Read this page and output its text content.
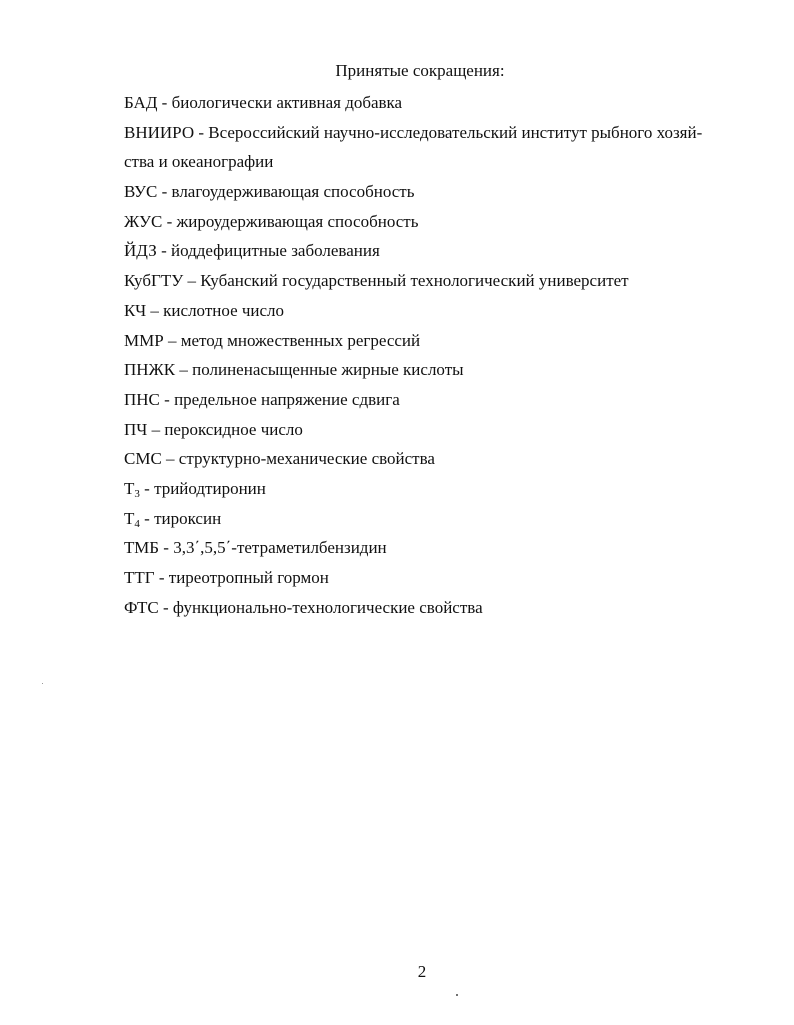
Принятые сокращения:
БАД - биологически активная добавка
ВНИИРО - Всероссийский научно-исследовательский институт рыбного хозяй-
ства и океанографии
ВУС - влагоудерживающая способность
ЖУС - жироудерживающая способность
ЙДЗ - йоддефицитные заболевания
КубГТУ – Кубанский государственный технологический университет
КЧ – кислотное число
ММР – метод множественных регрессий
ПНЖК – полиненасыщенные жирные кислоты
ПНС - предельное напряжение сдвига
ПЧ – пероксидное число
СМС – структурно-механические свойства
$Т_3$ - трийодтиронин
$Т_4$ - тироксин
ТМБ - 3,3΄,5,5΄-тетраметилбензидин
ТТГ - тиреотропный гормон
ФТС - функционально-технологические свойства
2
